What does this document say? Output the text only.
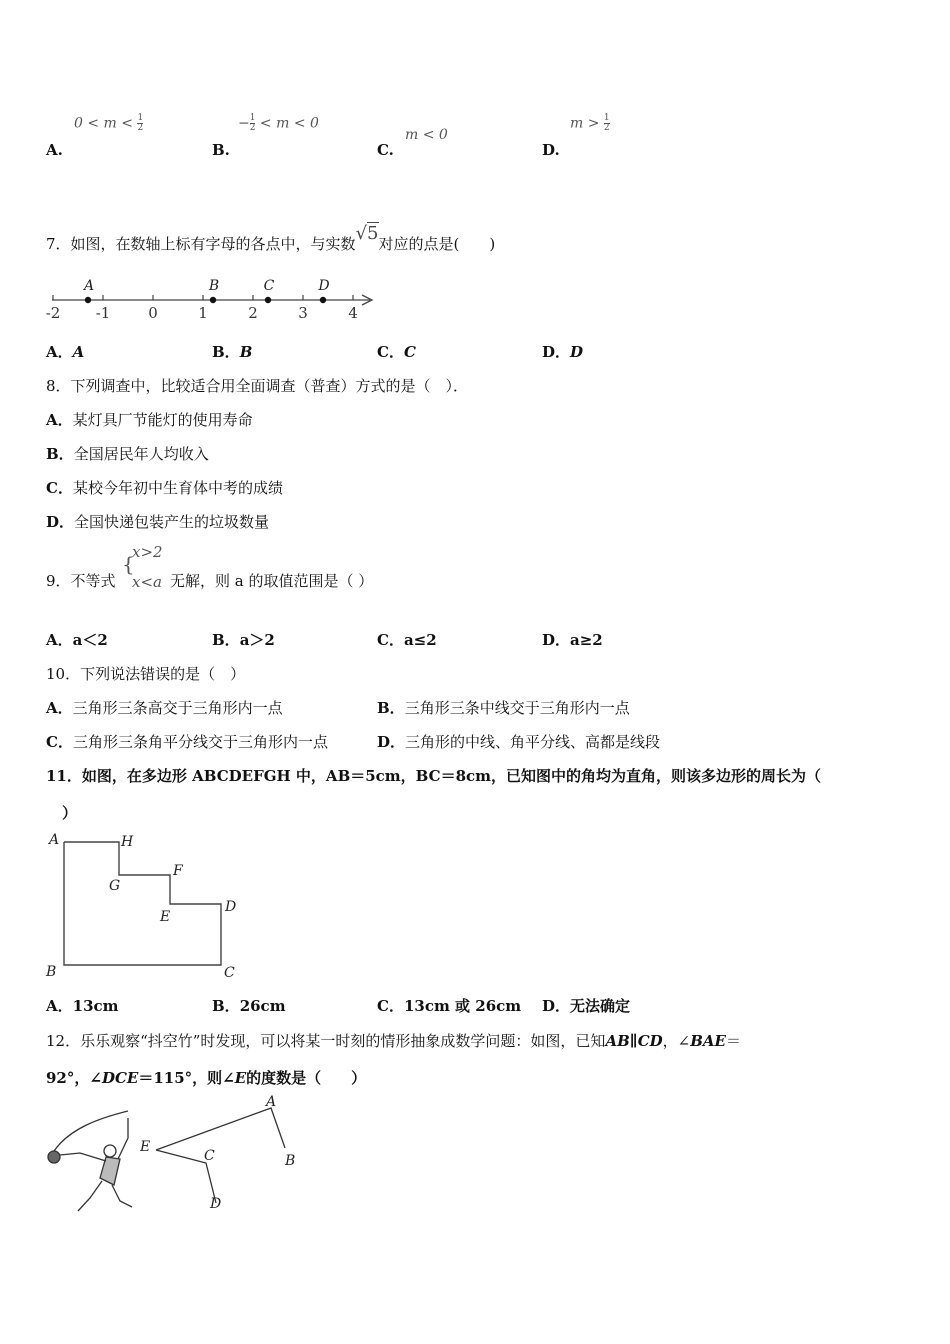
$0 < m < \frac{1}{2}$
A.
− $\frac{1}{2} < m < 0$
B.
m < 0
C.
$m > \frac{1}{2}$
D.
7．如图，在数轴上标有字母的各点中，与实数√5对应的点是(　　)
-2 -1	0	1	2	3	4
A	B	C	D
A．A	B．B	C．C	D．D
8．下列调查中，比较适合用全面调查（普查）方式的是（　）．
A．某灯具厂节能灯的使用寿命
B．全国居民年人均收入
C．某校今年初中生育体中考的成绩
D．全国快递包装产生的垃圾数量
9．不等式
{
x>2
x<a 无解，则 a 的取值范围是（ ）
A．a＜2	B．a＞2	C．a≤2	D．a≥2
10．下列说法错误的是（　）
A．三角形三条高交于三角形内一点	B．三角形三条中线交于三角形内一点
C．三角形三条角平分线交于三角形内一点	D．三角形的中线、角平分线、高都是线段
11．如图，在多边形 ABCDEFGH 中，AB＝5cm，BC＝8cm，已知图中的角均为直角，则该多边形的周长为（
）
A	H
G
F
E
D
B	C
A．13cm	B．26cm	C．13cm 或 26cm D．无法确定
12．乐乐观察“抖空竹”时发现，可以将某一时刻的情形抽象成数学问题：如图，已知AB∥CD，∠BAE＝
92°，∠DCE＝115°，则∠E的度数是（　　）
A
B
C
D
E
